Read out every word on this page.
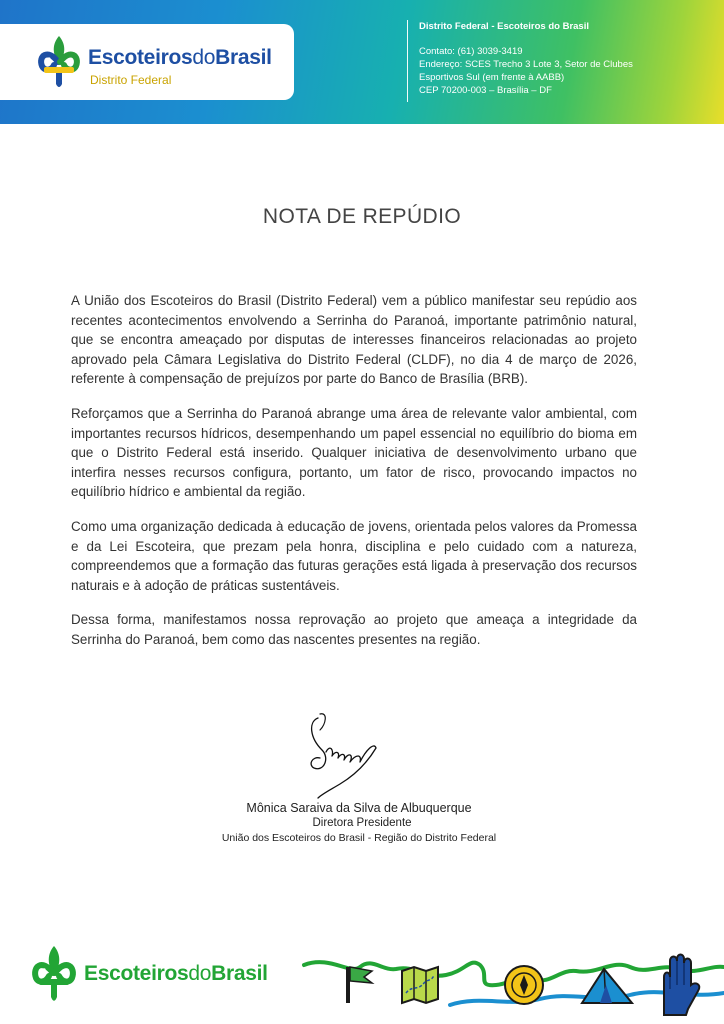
EscoteirosdoBrasil
Distrito Federal
Distrito Federal - Escoteiros do Brasil
Contato: (61) 3039-3419
Endereço: SCES Trecho 3 Lote 3, Setor de Clubes
Esportivos Sul (em frente à AABB)
CEP 70200-003 – Brasília – DF
NOTA DE REPÚDIO

A União dos Escoteiros do Brasil (Distrito Federal) vem a público manifestar seu repúdio aos recentes acontecimentos envolvendo a Serrinha do Paranoá, importante patrimônio natural, que se encontra ameaçado por disputas de interesses financeiros relacionadas ao projeto aprovado pela Câmara Legislativa do Distrito Federal (CLDF), no dia 4 de março de 2026, referente à compensação de prejuízos por parte do Banco de Brasília (BRB).

Reforçamos que a Serrinha do Paranoá abrange uma área de relevante valor ambiental, com importantes recursos hídricos, desempenhando um papel essencial no equilíbrio do bioma em que o Distrito Federal está inserido. Qualquer iniciativa de desenvolvimento urbano que interfira nesses recursos configura, portanto, um fator de risco, provocando impactos no equilíbrio hídrico e ambiental da região.

Como uma organização dedicada à educação de jovens, orientada pelos valores da Promessa e da Lei Escoteira, que prezam pela honra, disciplina e pelo cuidado com a natureza, compreendemos que a formação das futuras gerações está ligada à preservação dos recursos naturais e à adoção de práticas sustentáveis.

Dessa forma, manifestamos nossa reprovação ao projeto que ameaça a integridade da Serrinha do Paranoá, bem como das nascentes presentes na região.

Mônica Saraiva da Silva de Albuquerque
Diretora Presidente
União dos Escoteiros do Brasil - Região do Distrito Federal
EscoteirosdoBrasil
